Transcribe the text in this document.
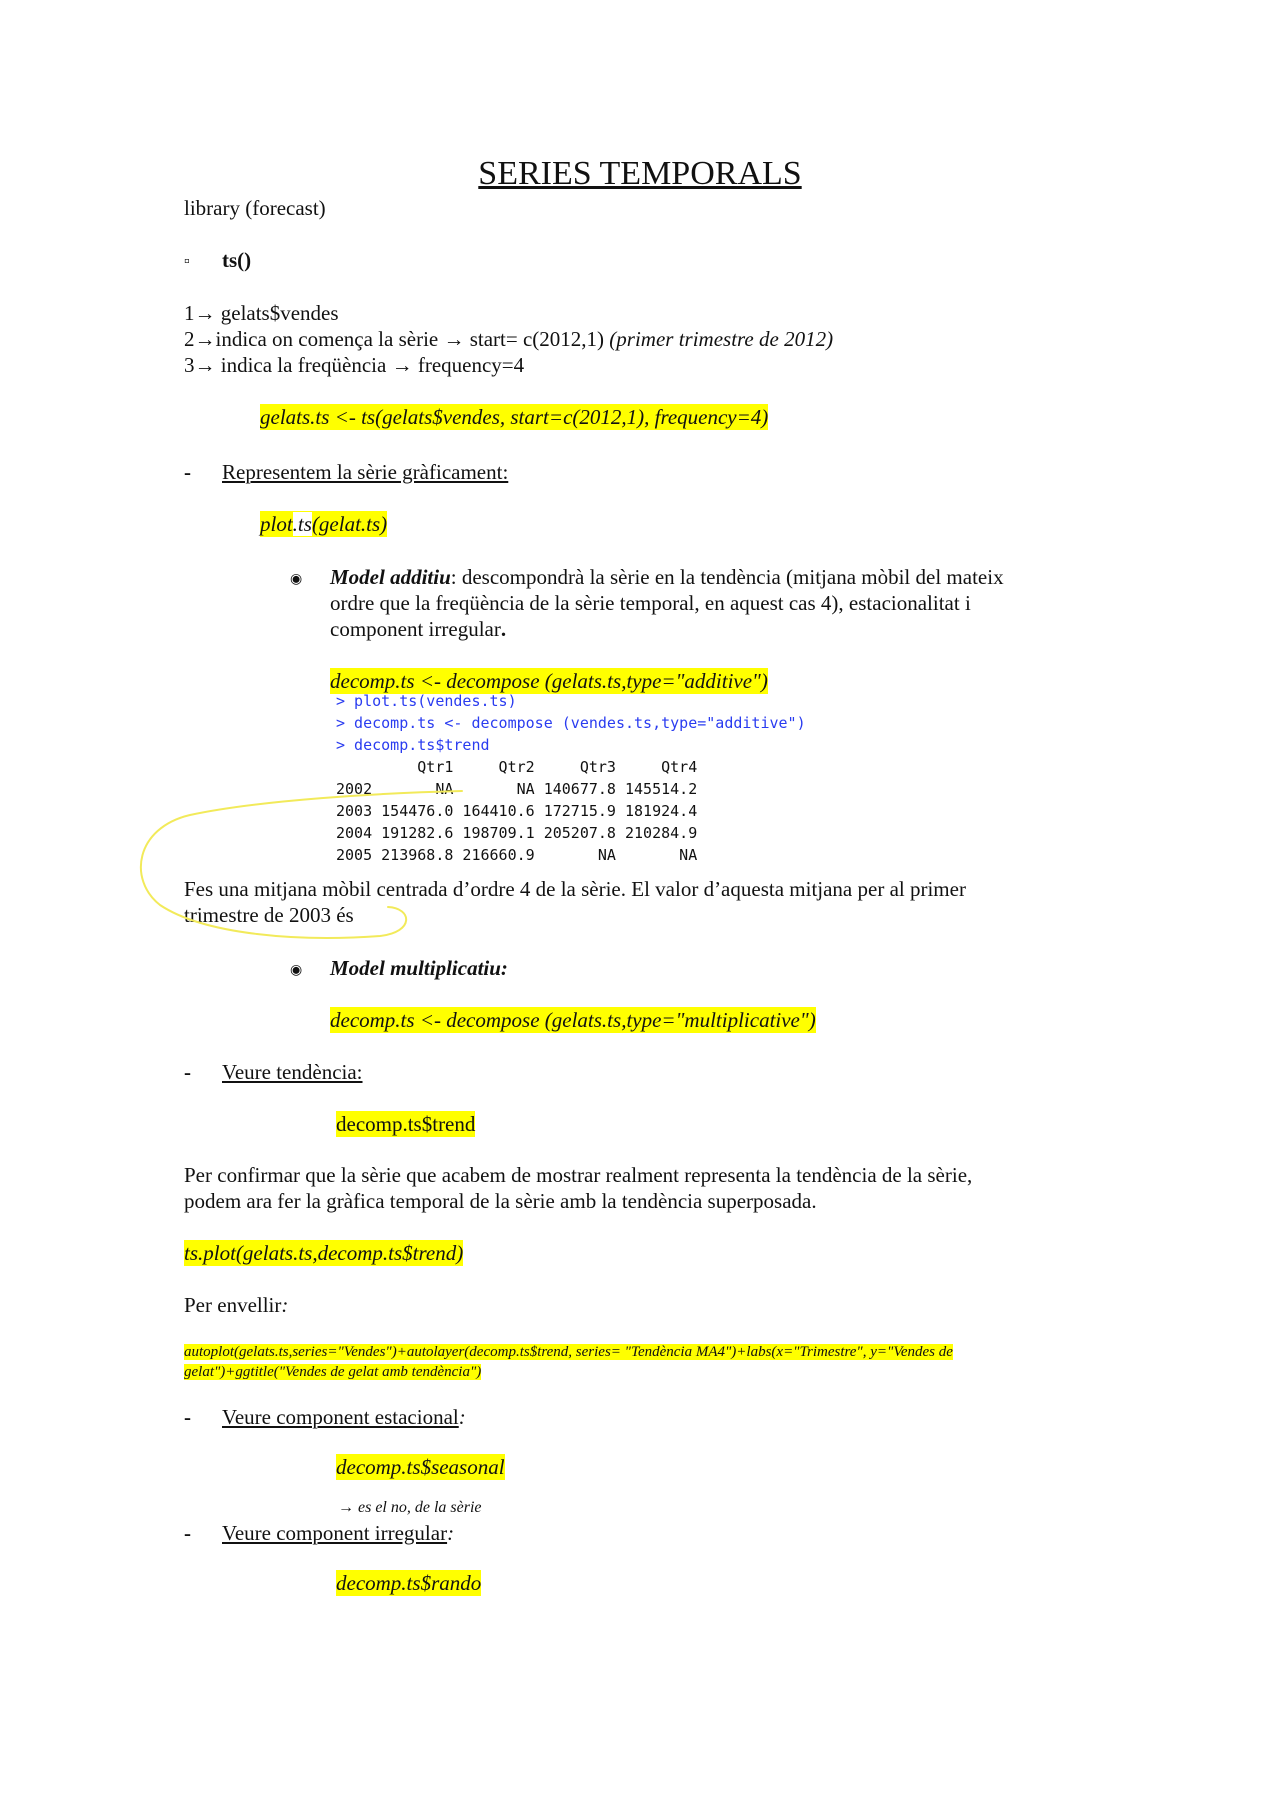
SERIES TEMPORALS
library (forecast)
▫ ts()
1→ gelats$vendes
2→indica on comença la sèrie → start= c(2012,1) (primer trimestre de 2012)
3→ indica la freqüència → frequency=4
gelats.ts <- ts(gelats$vendes, start=c(2012,1), frequency=4)
- Representem la sèrie gràficament:
plot.ts(gelat.ts)
◉ Model additiu: descompondrà la sèrie en la tendència (mitjana mòbil del mateix
ordre que la freqüència de la sèrie temporal, en aquest cas 4), estacionalitat i
component irregular.
decomp.ts <- decompose (gelats.ts,type="additive")
> plot.ts(vendes.ts)
> decomp.ts <- decompose (vendes.ts,type="additive")
> decomp.ts$trend
Qtr1     Qtr2     Qtr3     Qtr4
2002       NA       NA 140677.8 145514.2
2003 154476.0 164410.6 172715.9 181924.4
2004 191282.6 198709.1 205207.8 210284.9
2005 213968.8 216660.9       NA       NA
Fes una mitjana mòbil centrada d’ordre 4 de la sèrie. El valor d’aquesta mitjana per al primer
trimestre de 2003 és
◉ Model multiplicatiu:
decomp.ts <- decompose (gelats.ts,type="multiplicative")
- Veure tendència:
decomp.ts$trend
Per confirmar que la sèrie que acabem de mostrar realment representa la tendència de la sèrie,
podem ara fer la gràfica temporal de la sèrie amb la tendència superposada.
ts.plot(gelats.ts,decomp.ts$trend)
Per envellir:
autoplot(gelats.ts,series="Vendes")+autolayer(decomp.ts$trend, series= "Tendència MA4")+labs(x="Trimestre", y="Vendes de
gelat")+ggtitle("Vendes de gelat amb tendència")
- Veure component estacional:
decomp.ts$seasonal
→ es el no, de la sèrie
- Veure component irregular:
decomp.ts$rando
